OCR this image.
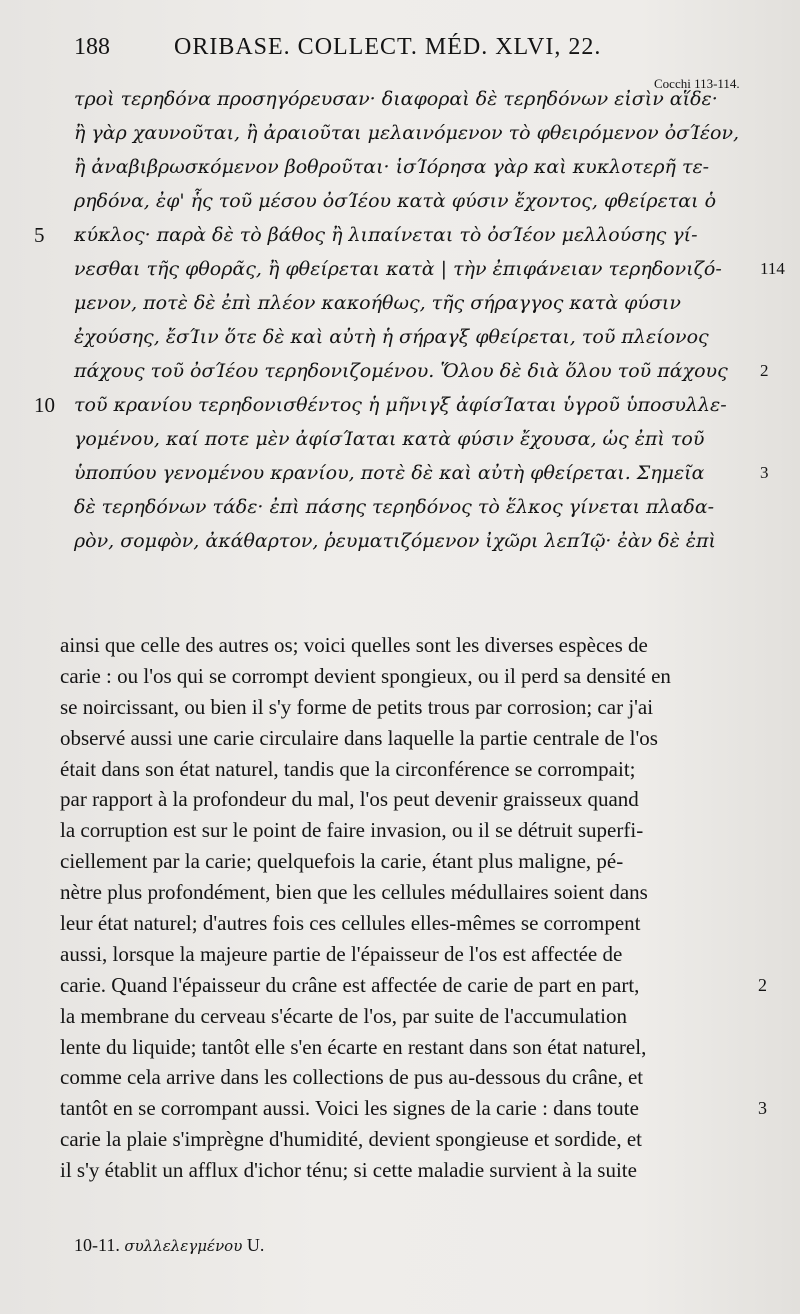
188	ORIBASE. COLLECT. MÉD. XLVI, 22.
Cocchi 113-114.
τροὶ τερηδόνα προσηγόρευσαν· διαφοραὶ δὲ τερηδόνων εἰσὶν αἵδε·
ἢ γὰρ χαυνοῦται, ἢ ἀραιοῦται μελαινόμενον τὸ φθειρόμενον ὀσΊέον,
ἢ ἀναβιβρωσκόμενον βοθροῦται· ἱσΊόρησα γὰρ καὶ κυκλοτερῆ τε-
ρηδόνα, ἐφ' ἧς τοῦ μέσου ὀσΊέου κατὰ φύσιν ἔχοντος, φθείρεται ὁ
5 κύκλος· παρὰ δὲ τὸ βάθος ἢ λιπαίνεται τὸ ὀσΊέον μελλούσης γί-
νεσθαι τῆς φθορᾶς, ἢ φθείρεται κατὰ | τὴν ἐπιφάνειαν τερηδονιζό- 114
μενον, ποτὲ δὲ ἐπὶ πλέον κακοήθως, τῆς σήραγγος κατὰ φύσιν
ἐχούσης, ἔσΊιν ὅτε δὲ καὶ αὐτὴ ἡ σήραγξ φθείρεται, τοῦ πλείονος
πάχους τοῦ ὀσΊέου τερηδονιζομένου. Ὅλου δὲ διὰ ὅλου τοῦ πάχους 2
10 τοῦ κρανίου τερηδονισθέντος ἡ μῆνιγξ ἀφίσΊαται ὑγροῦ ὑποσυλλε-
γομένου, καί ποτε μὲν ἀφίσΊαται κατὰ φύσιν ἔχουσα, ὡς ἐπὶ τοῦ
ὑποπύου γενομένου κρανίου, ποτὲ δὲ καὶ αὐτὴ φθείρεται. Σημεῖα	3
δὲ τερηδόνων τάδε· ἐπὶ πάσης τερηδόνος τὸ ἕλκος γίνεται πλαδα-
ρὸν, σομφὸν, ἀκάθαρτον, ῥευματιζόμενον ἰχῶρι λεπΊῷ· ἐὰν δὲ ἐπὶ
ainsi que celle des autres os; voici quelles sont les diverses espèces de
carie : ou l'os qui se corrompt devient spongieux, ou il perd sa densité en
se noircissant, ou bien il s'y forme de petits trous par corrosion; car j'ai
observé aussi une carie circulaire dans laquelle la partie centrale de l'os
était dans son état naturel, tandis que la circonférence se corrompait;
par rapport à la profondeur du mal, l'os peut devenir graisseux quand
la corruption est sur le point de faire invasion, ou il se détruit superfi-
ciellement par la carie; quelquefois la carie, étant plus maligne, pé-
nètre plus profondément, bien que les cellules médullaires soient dans
leur état naturel; d'autres fois ces cellules elles-mêmes se corrompent
aussi, lorsque la majeure partie de l'épaisseur de l'os est affectée de
carie. Quand l'épaisseur du crâne est affectée de carie de part en part,	2
la membrane du cerveau s'écarte de l'os, par suite de l'accumulation
lente du liquide; tantôt elle s'en écarte en restant dans son état naturel,
comme cela arrive dans les collections de pus au-dessous du crâne, et
tantôt en se corrompant aussi. Voici les signes de la carie : dans toute	3
carie la plaie s'imprègne d'humidité, devient spongieuse et sordide, et
il s'y établit un afflux d'ichor ténu; si cette maladie survient à la suite
10-11. συλλελεγμένου U.
